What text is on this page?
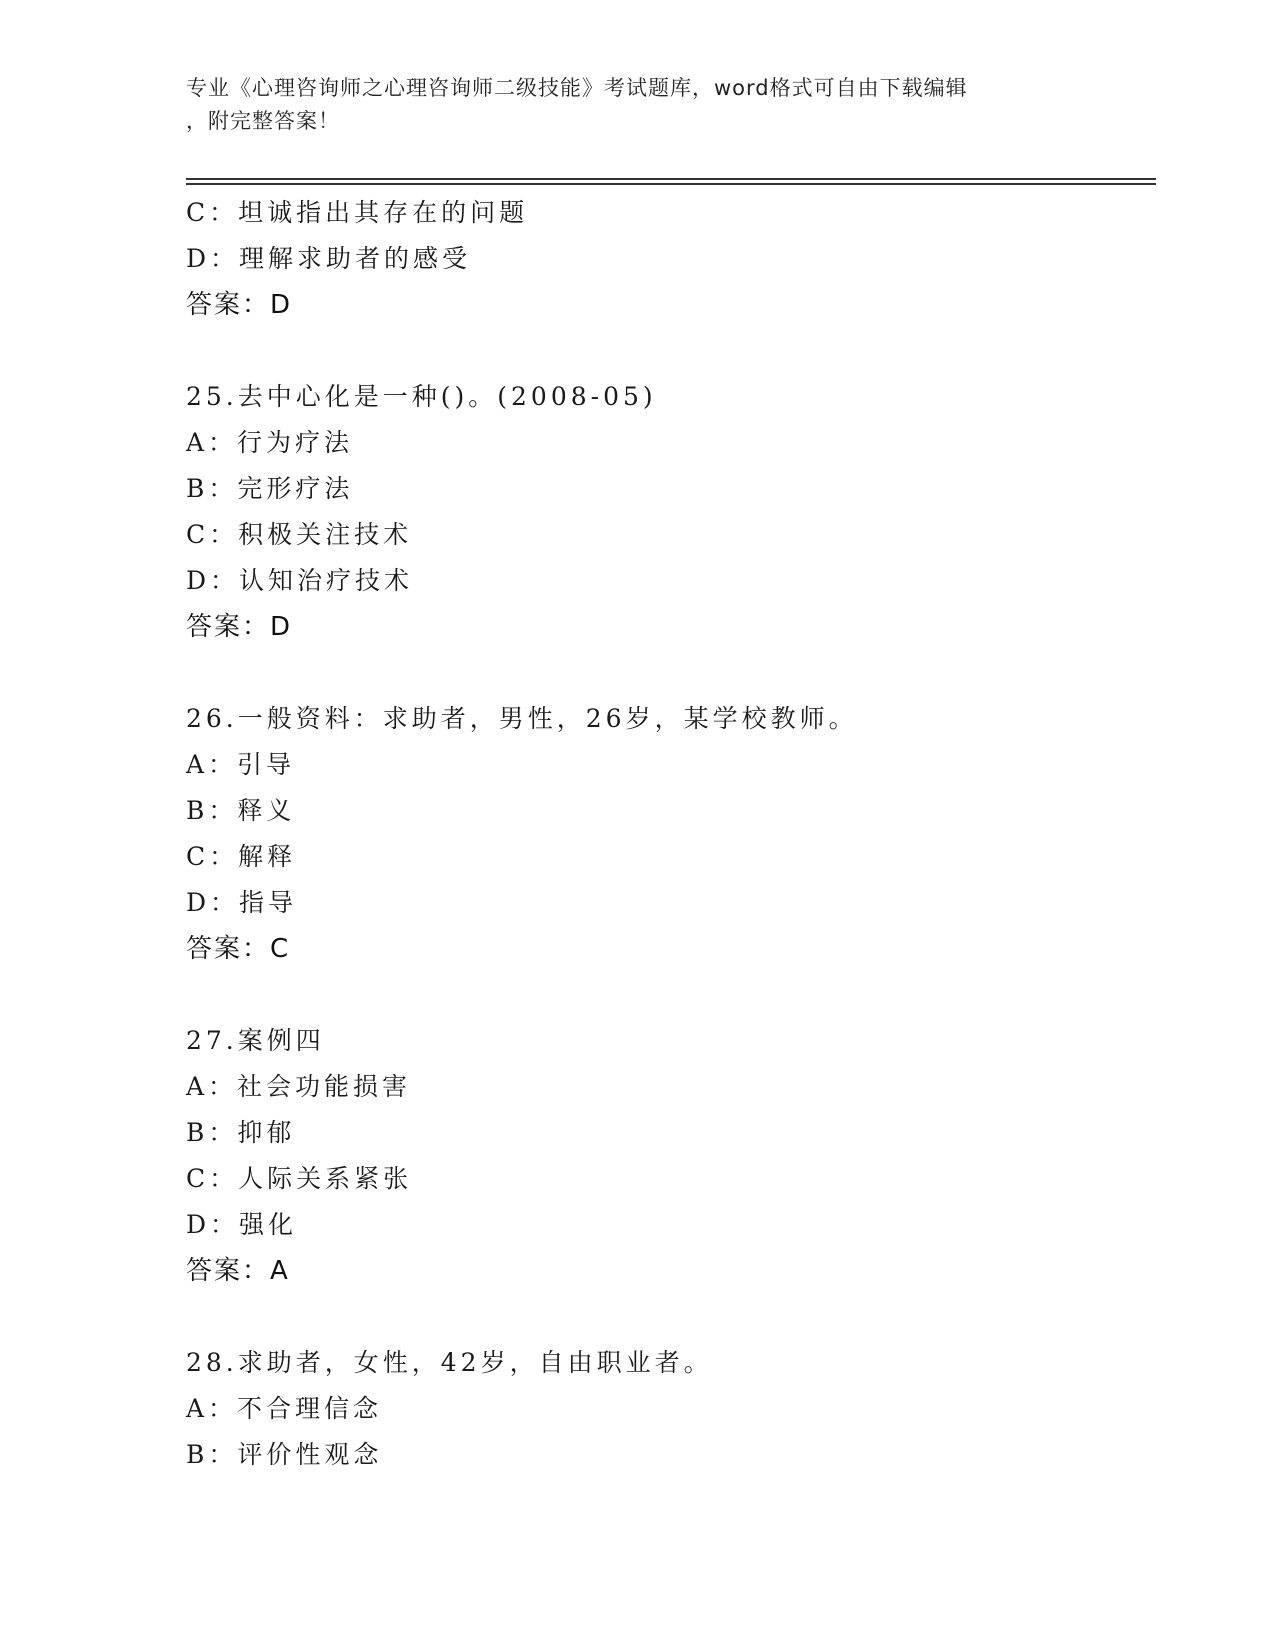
专业《心理咨询师之心理咨询师二级技能》考试题库，word格式可自由下载编辑
，附完整答案！
C：坦诚指出其存在的问题
D：理解求助者的感受
答案：D
25.去中心化是一种()。(2008-05)
A：行为疗法
B：完形疗法
C：积极关注技术
D：认知治疗技术
答案：D
26.一般资料：求助者，男性，26岁，某学校教师。
A：引导
B：释义
C：解释
D：指导
答案：C
27.案例四
A：社会功能损害
B：抑郁
C：人际关系紧张
D：强化
答案：A
28.求助者，女性，42岁，自由职业者。
A：不合理信念
B：评价性观念
